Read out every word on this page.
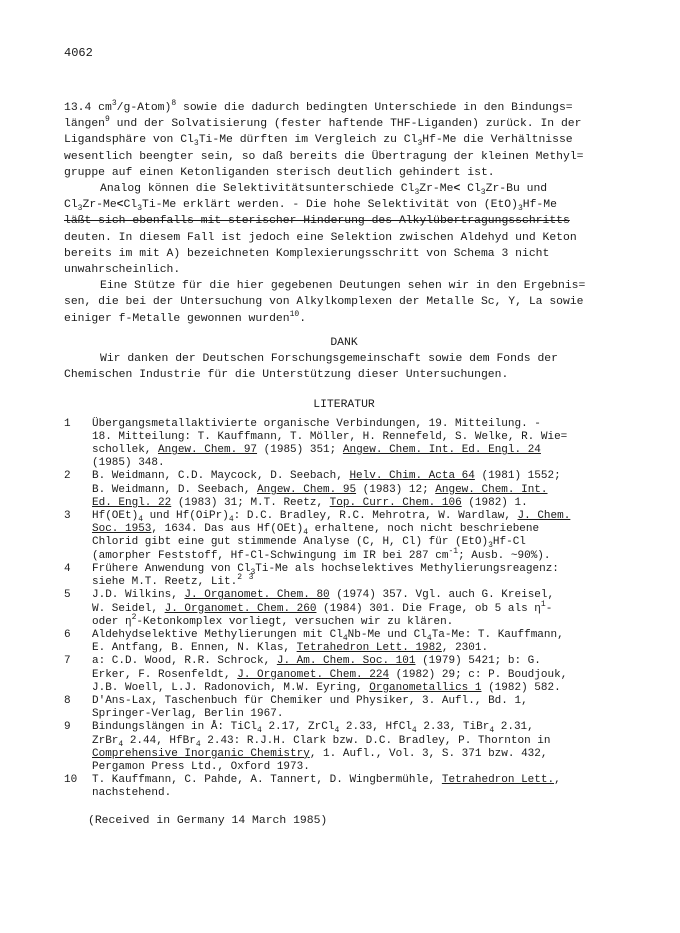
4062

13.4 $cm^3/g-Atom)^8$ sowie die dadurch bedingten Unterschiede in den Bindungs=
längen$^9$ und der Solvatisierung (fester haftende THF-Liganden) zurück. In der
Ligandsphäre von $Cl_3Ti-Me$ dürften im Vergleich zu $Cl_3Hf-Me$ die Verhältnisse
wesentlich beengter sein, so daß bereits die Übertragung der kleinen Methyl=
gruppe auf einen Ketonliganden sterisch deutlich gehindert ist.

Analog können die Selektivitätsunterschiede $Cl_3Zr-Me< Cl_3Zr-Bu$ und
$Cl_3Zr-Me<Cl_3Ti-Me$ erklärt werden. - Die hohe Selektivität von $(EtO)_3Hf-Me$
läßt sich ebenfalls mit sterischer Hinderung des Alkylübertragungsschritts
deuten. In diesem Fall ist jedoch eine Selektion zwischen Aldehyd und Keton
bereits im mit A) bezeichneten Komplexierungsschritt von Schema 3 nicht
unwahrscheinlich.

Eine Stütze für die hier gegebenen Deutungen sehen wir in den Ergebnis=
sen, die bei der Untersuchung von Alkylkomplexen der Metalle Sc, Y, La sowie
einiger f-Metalle gewonnen wurden$^{10}$.

DANK

Wir danken der Deutschen Forschungsgemeinschaft sowie dem Fonds der
Chemischen Industrie für die Unterstützung dieser Untersuchungen.

LITERATUR

1	Übergangsmetallaktivierte organische Verbindungen, 19. Mitteilung. -
18. Mitteilung: T. Kauffmann, T. Möller, H. Rennefeld, S. Welke, R. Wie=
schollek, Angew. Chem. 97 (1985) 351; Angew. Chem. Int. Ed. Engl. 24
(1985) 348.
2	B. Weidmann, C.D. Maycock, D. Seebach, Helv. Chim. Acta 64 (1981) 1552;
B. Weidmann, D. Seebach, Angew. Chem. 95 (1983) 12; Angew. Chem. Int.
Ed. Engl. 22 (1983) 31; M.T. Reetz, Top. Curr. Chem. 106 (1982) 1.
3	$Hf(OEt)_4$ und $Hf(OiPr)_4$: D.C. Bradley, R.C. Mehrotra, W. Wardlaw, J. Chem.
Soc. 1953, 1634. Das aus $Hf(OEt)_4$ erhaltene, noch nicht beschriebene
Chlorid gibt eine gut stimmende Analyse (C, H, Cl) für $(EtO)_3Hf-Cl$
(amorpher Feststoff, Hf-Cl-Schwingung im IR bei 287 $cm^{-1}$; Ausb. ~90%).
4	Frühere Anwendung von $Cl_3Ti-Me$ als hochselektives Methylierungsreagenz:
siehe M.T. Reetz, Lit.$^2$ $^3$
5	J.D. Wilkins, J. Organomet. Chem. 80 (1974) 357. Vgl. auch G. Kreisel,
W. Seidel, J. Organomet. Chem. 260 (1984) 301. Die Frage, ob 5 als $\eta^1-$
oder $\eta^2$-Ketonkomplex vorliegt, versuchen wir zu klären.
6	Aldehydselektive Methylierungen mit $Cl_4Nb-Me$ und $Cl_4Ta-Me$: T. Kauffmann,
E. Antfang, B. Ennen, N. Klas, Tetrahedron Lett. 1982, 2301.
7	a: C.D. Wood, R.R. Schrock, J. Am. Chem. Soc. 101 (1979) 5421; b: G.
Erker, F. Rosenfeldt, J. Organomet. Chem. 224 (1982) 29; c: P. Boudjouk,
J.B. Woell, L.J. Radonovich, M.W. Eyring, Organometallics 1 (1982) 582.
8	D'Ans-Lax, Taschenbuch für Chemiker und Physiker, 3. Aufl., Bd. 1,
Springer-Verlag, Berlin 1967.
9	Bindungslängen in Å: TiCl$_4$ 2.17, ZrCl$_4$ 2.33, HfCl$_4$ 2.33, TiBr$_4$ 2.31,
ZrBr$_4$ 2.44, HfBr$_4$ 2.43: R.J.H. Clark bzw. D.C. Bradley, P. Thornton in
Comprehensive Inorganic Chemistry, 1. Aufl., Vol. 3, S. 371 bzw. 432,
Pergamon Press Ltd., Oxford 1973.
10	T. Kauffmann, C. Pahde, A. Tannert, D. Wingbermühle, Tetrahedron Lett.,
nachstehend.

(Received in Germany 14 March 1985)
